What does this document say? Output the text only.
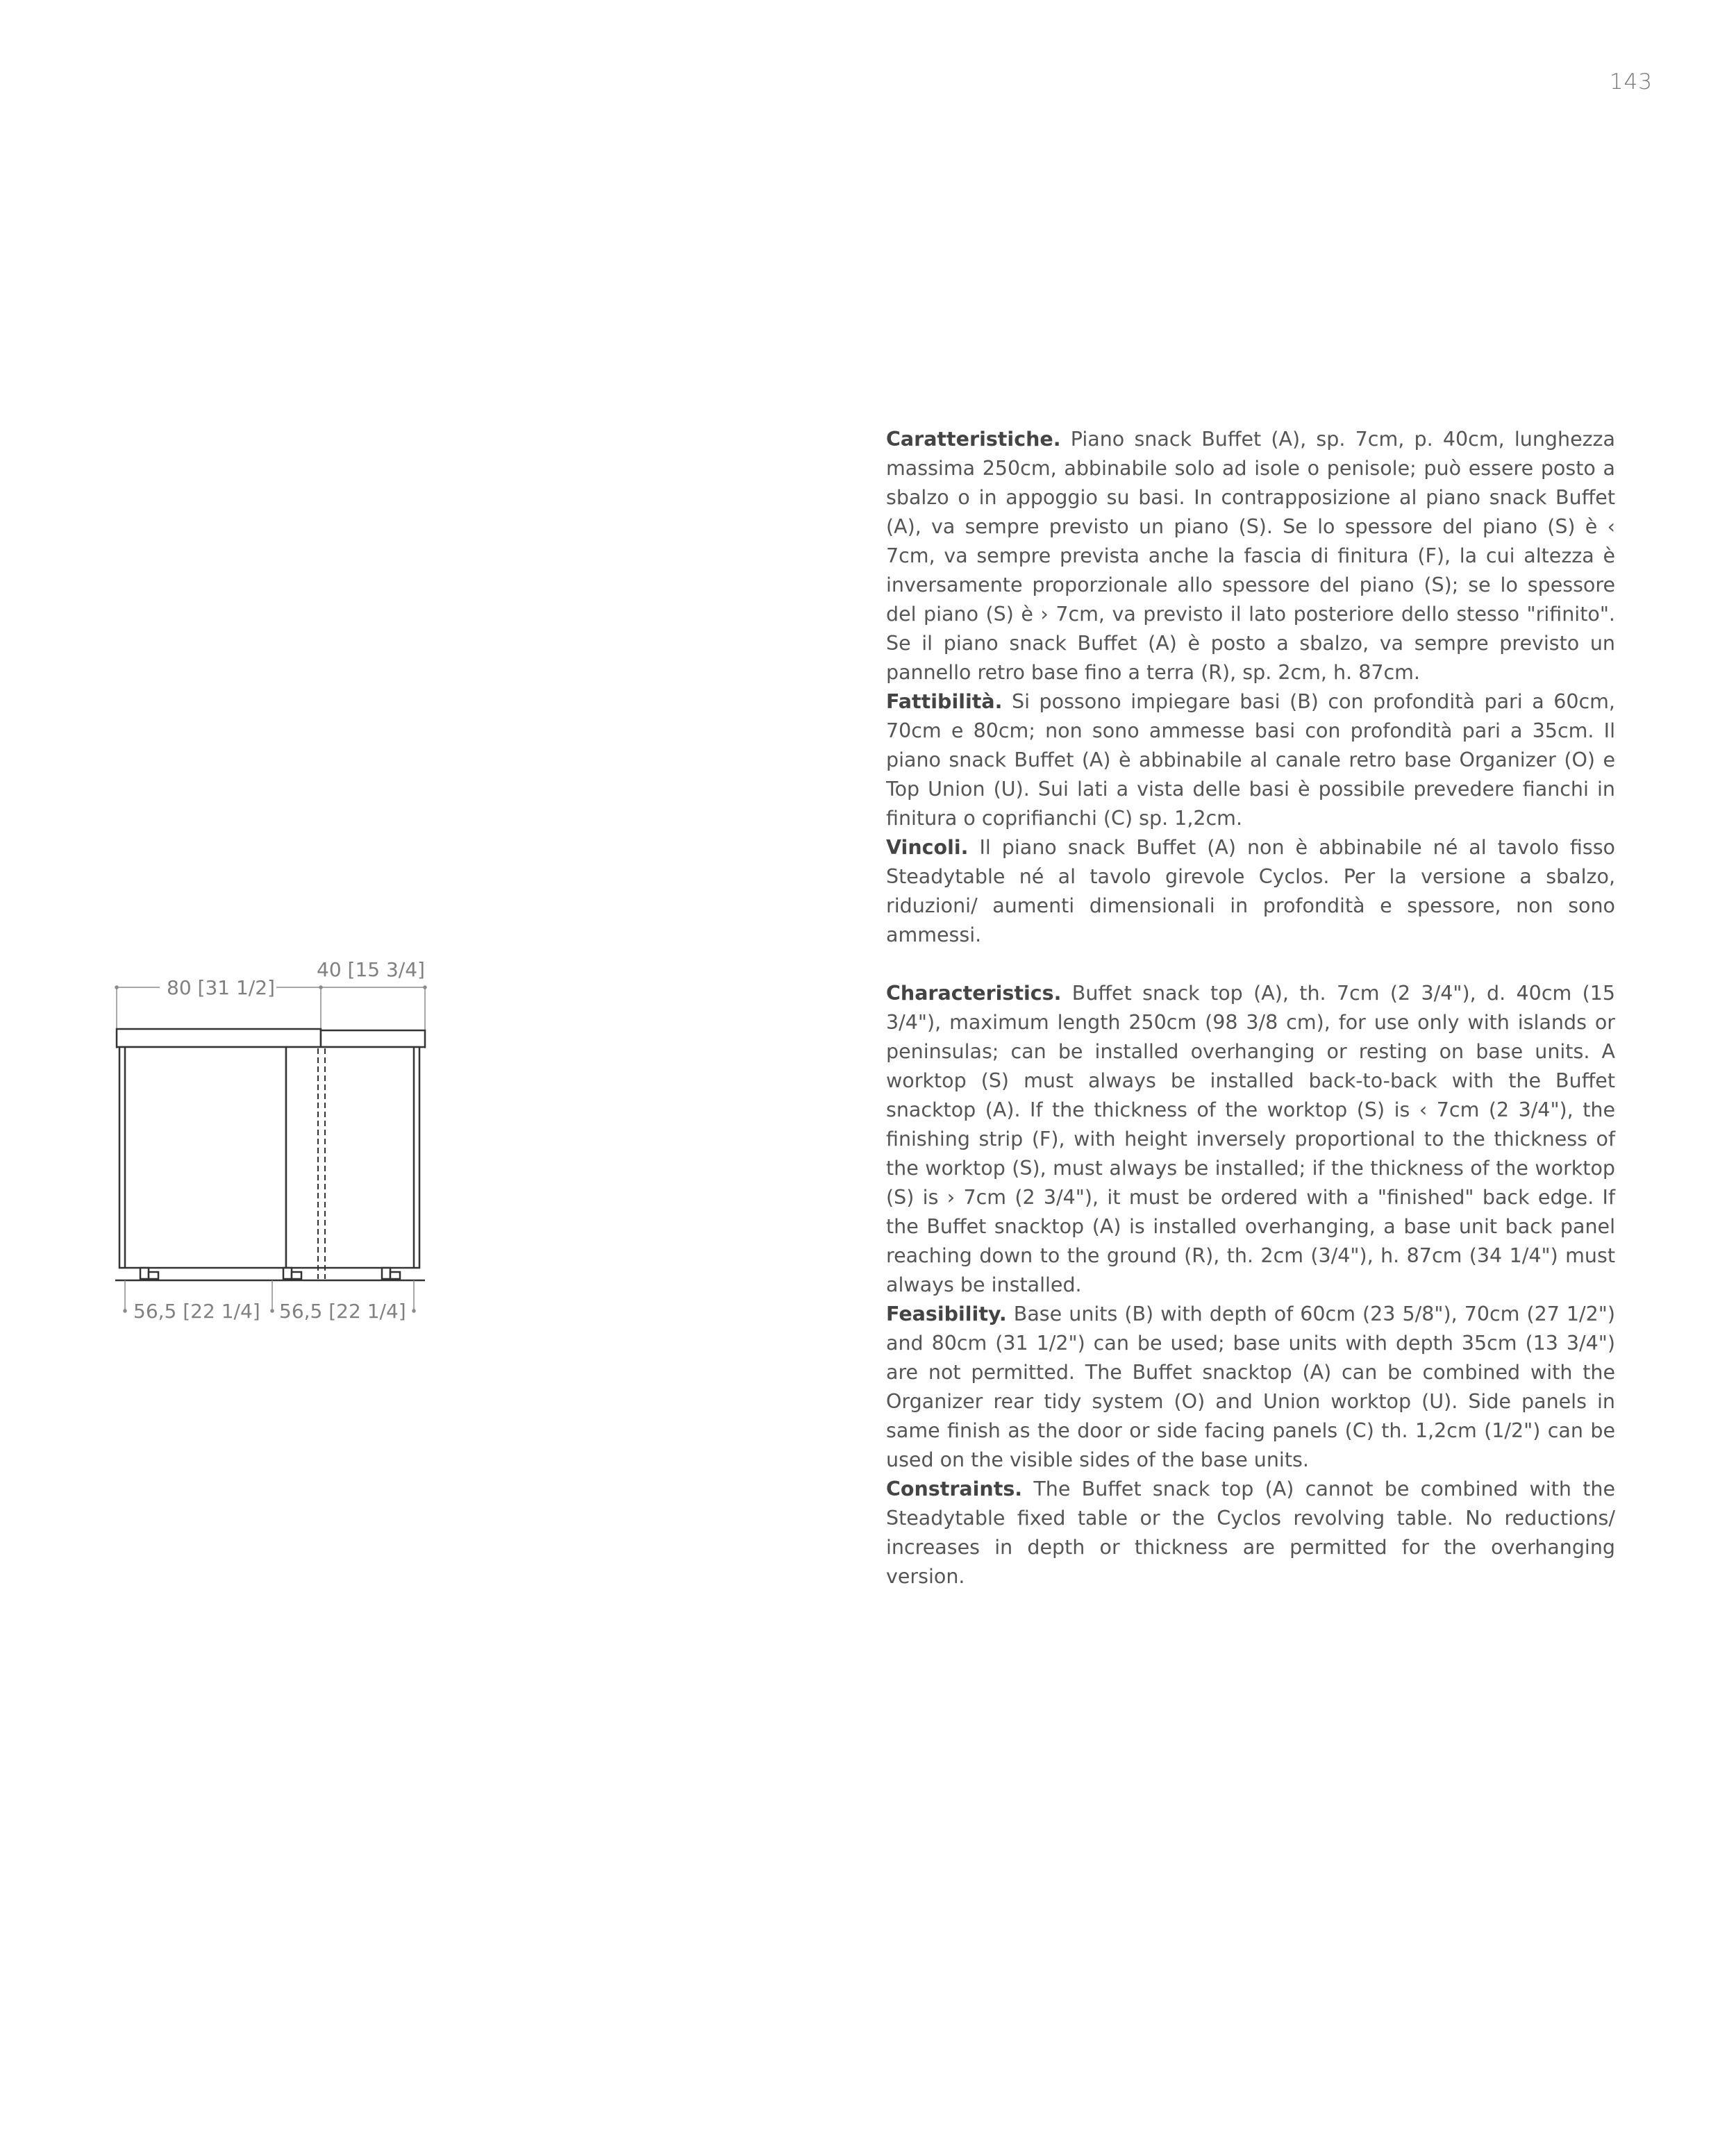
143
80 [31 1/2]
40 [15 3/4]
56,5 [22 1/4] 56,5 [22 1/4]

Caratteristiche. Piano snack Buffet (A), sp. 7cm, p. 40cm, lunghezza massima 250cm, abbinabile solo ad isole o penisole; può essere posto a sbalzo o in appoggio su basi. In contrapposizione al piano snack Buffet (A), va sempre previsto un piano (S). Se lo spessore del piano (S) è ‹ 7cm, va sempre prevista anche la fascia di finitura (F), la cui altezza è inversamente proporzionale allo spessore del piano (S); se lo spessore del piano (S) è › 7cm, va previsto il lato posteriore dello stesso "rifinito". Se il piano snack Buffet (A) è posto a sbalzo, va sempre previsto un pannello retro base fino a terra (R), sp. 2cm, h. 87cm.

Fattibilità. Si possono impiegare basi (B) con profondità pari a 60cm, 70cm e 80cm; non sono ammesse basi con profondità pari a 35cm. Il piano snack Buffet (A) è abbinabile al canale retro base Organizer (O) e Top Union (U). Sui lati a vista delle basi è possibile prevedere fianchi in finitura o coprifianchi (C) sp. 1,2cm.

Vincoli. Il piano snack Buffet (A) non è abbinabile né al tavolo fisso Steadytable né al tavolo girevole Cyclos. Per la versione a sbalzo, riduzioni/ aumenti dimensionali in profondità e spessore, non sono ammessi.

Characteristics. Buffet snack top (A), th. 7cm (2 3/4"), d. 40cm (15 3/4"), maximum length 250cm (98 3/8 cm), for use only with islands or peninsulas; can be installed overhanging or resting on base units. A worktop (S) must always be installed back-to-back with the Buffet snacktop (A). If the thickness of the worktop (S) is ‹ 7cm (2 3/4"), the finishing strip (F), with height inversely proportional to the thickness of the worktop (S), must always be installed; if the thickness of the worktop (S) is › 7cm (2 3/4"), it must be ordered with a "finished" back edge. If the Buffet snacktop (A) is installed overhanging, a base unit back panel reaching down to the ground (R), th. 2cm (3/4"), h. 87cm (34 1/4") must always be installed.

Feasibility. Base units (B) with depth of 60cm (23 5/8"), 70cm (27 1/2") and 80cm (31 1/2") can be used; base units with depth 35cm (13 3/4") are not permitted. The Buffet snacktop (A) can be combined with the Organizer rear tidy system (O) and Union worktop (U). Side panels in same finish as the door or side facing panels (C) th. 1,2cm (1/2") can be used on the visible sides of the base units.

Constraints. The Buffet snack top (A) cannot be combined with the Steadytable fixed table or the Cyclos revolving table. No reductions/ increases in depth or thickness are permitted for the overhanging version.
